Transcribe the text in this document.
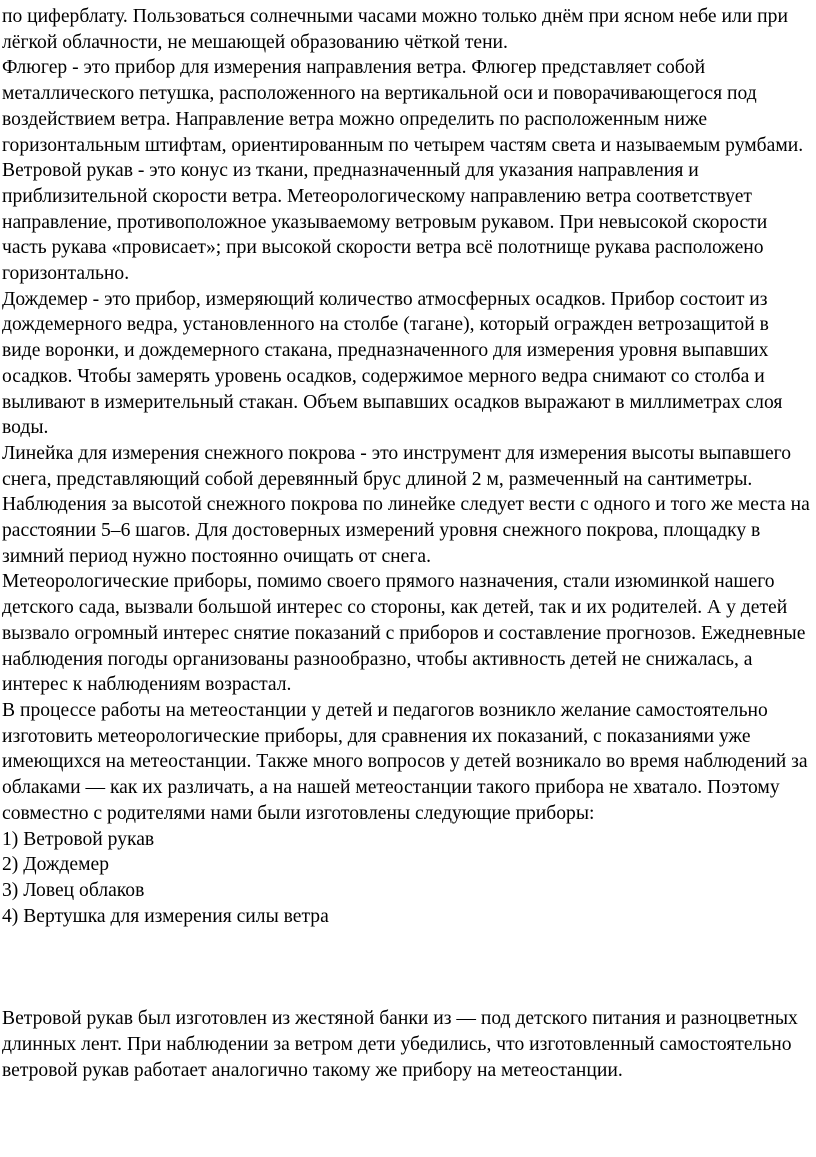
по циферблату. Пользоваться солнечными часами можно только днём при ясном небе или при лёгкой облачности, не мешающей образованию чёткой тени.

Флюгер - это прибор для измерения направления ветра. Флюгер представляет собой металлического петушка, расположенного на вертикальной оси и поворачивающегося под воздействием ветра. Направление ветра можно определить по расположенным ниже горизонтальным штифтам, ориентированным по четырем частям света и называемым румбами.

Ветровой рукав - это конус из ткани, предназначенный для указания направления и приблизительной скорости ветра. Метеорологическому направлению ветра соответствует направление, противоположное указываемому ветровым рукавом. При невысокой скорости часть рукава «провисает»; при высокой скорости ветра всё полотнище рукава расположено горизонтально.

Дождемер - это прибор, измеряющий количество атмосферных осадков. Прибор состоит из дождемерного ведра, установленного на столбе (тагане), который огражден ветрозащитой в виде воронки, и дождемерного стакана, предназначенного для измерения уровня выпавших осадков. Чтобы замерять уровень осадков, содержимое мерного ведра снимают со столба и выливают в измерительный стакан. Объем выпавших осадков выражают в миллиметрах слоя воды.

Линейка для измерения снежного покрова - это инструмент для измерения высоты выпавшего снега, представляющий собой деревянный брус длиной 2 м, размеченный на сантиметры. Наблюдения за высотой снежного покрова по линейке следует вести с одного и того же места на расстоянии 5–6 шагов. Для достоверных измерений уровня снежного покрова, площадку в зимний период нужно постоянно очищать от снега.

Метеорологические приборы, помимо своего прямого назначения, стали изюминкой нашего детского сада, вызвали большой интерес со стороны, как детей, так и их родителей. А у детей вызвало огромный интерес снятие показаний с приборов и составление прогнозов. Ежедневные наблюдения погоды организованы разнообразно, чтобы активность детей не снижалась, а интерес к наблюдениям возрастал.

В процессе работы на метеостанции у детей и педагогов возникло желание самостоятельно изготовить метеорологические приборы, для сравнения их показаний, с показаниями уже имеющихся на метеостанции. Также много вопросов у детей возникало во время наблюдений за облаками — как их различать, а на нашей метеостанции такого прибора не хватало. Поэтому совместно с родителями нами были изготовлены следующие приборы:

1) Ветровой рукав
2) Дождемер
3) Ловец облаков
4) Вертушка для измерения силы ветра

Ветровой рукав был изготовлен из жестяной банки из — под детского питания и разноцветных длинных лент. При наблюдении за ветром дети убедились, что изготовленный самостоятельно ветровой рукав работает аналогично такому же прибору на метеостанции.
